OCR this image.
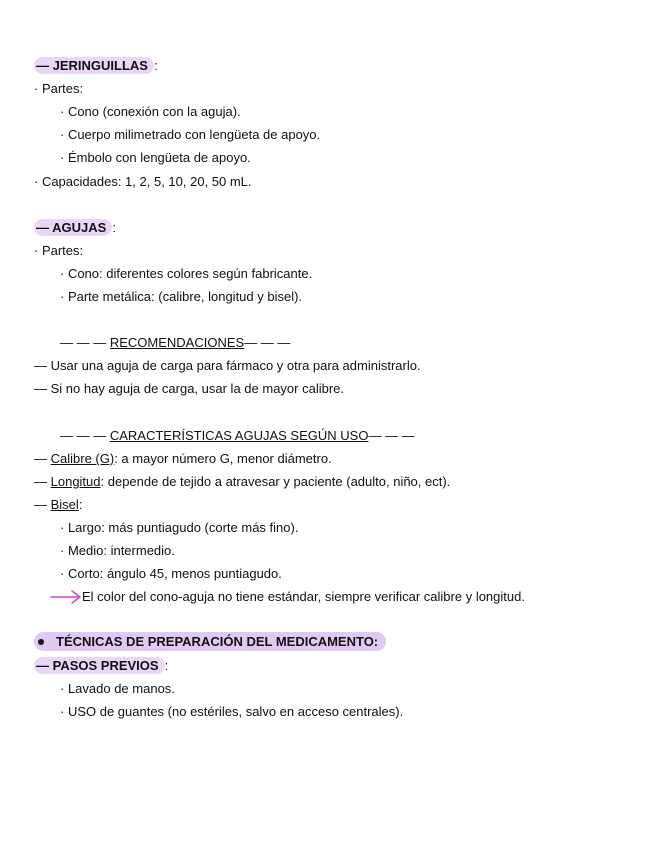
— JERINGUILLAS :
· Partes:
· Cono (conexión con la aguja).
· Cuerpo milimetrado con lengüeta de apoyo.
· Émbolo con lengüeta de apoyo.
· Capacidades: 1, 2, 5, 10, 20, 50 mL.
— AGUJAS :
· Partes:
· Cono: diferentes colores según fabricante.
· Parte metálica: (calibre, longitud y bisel).
— — — RECOMENDACIONES— — —
— Usar una aguja de carga para fármaco y otra para administrarlo.
— Si no hay aguja de carga, usar la de mayor calibre.
— — — CARACTERÍSTICAS AGUJAS SEGÚN USO— — —
— Calibre (G): a mayor número G, menor diámetro.
— Longitud: depende de tejido a atravesar y paciente (adulto, niño, ect).
— Bisel:
· Largo: más puntiagudo (corte más fino).
· Medio: intermedio.
· Corto: ángulo 45, menos puntiagudo.
El color del cono-aguja no tiene estándar, siempre verificar calibre y longitud.
TÉCNICAS DE PREPARACIÓN DEL MEDICAMENTO:
— PASOS PREVIOS :
· Lavado de manos.
· USO de guantes (no estériles, salvo en acceso centrales).
